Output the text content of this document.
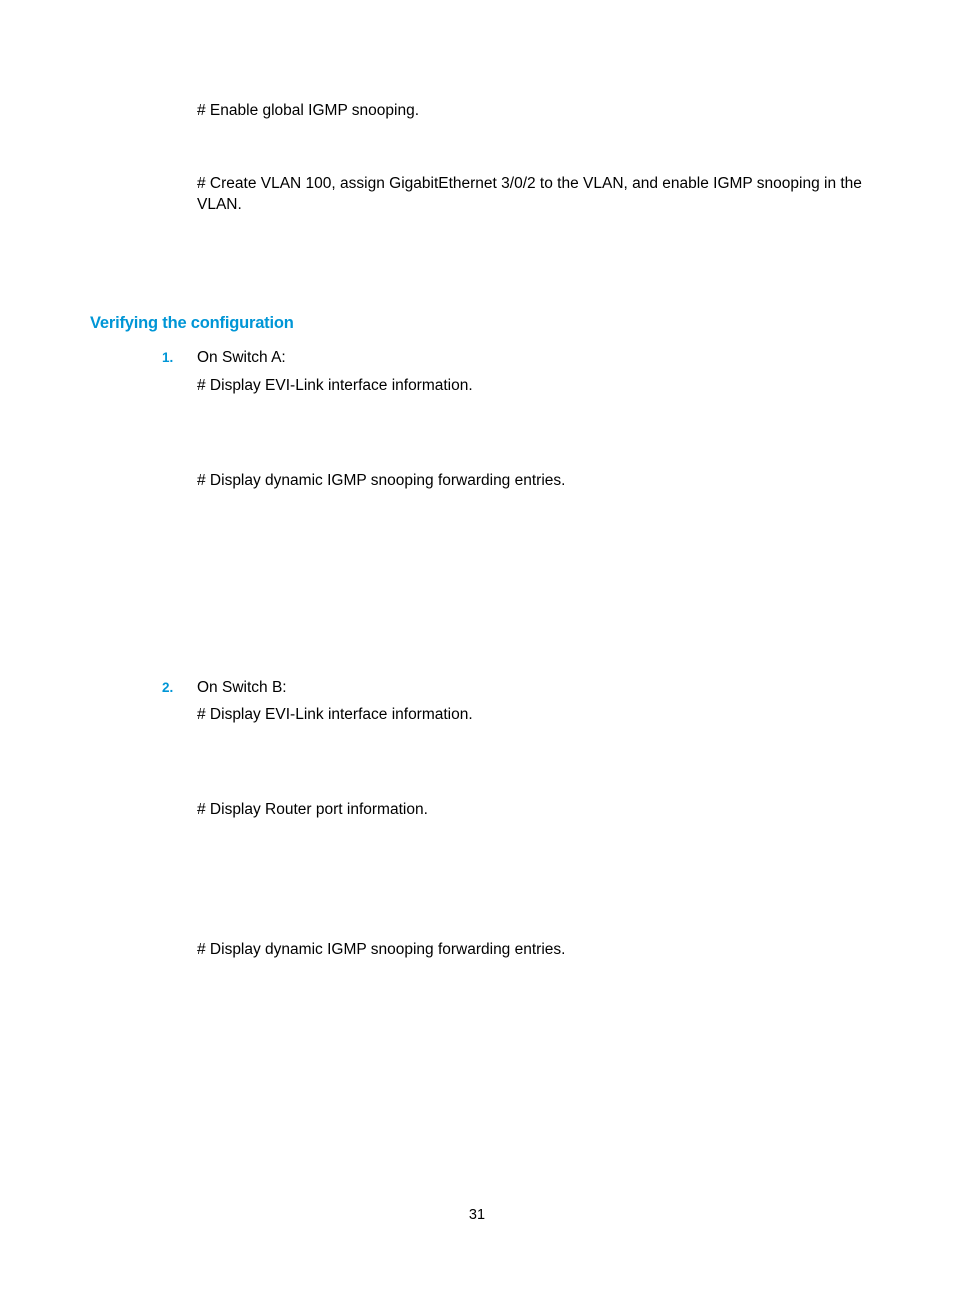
# Enable global IGMP snooping.

# Create VLAN 100, assign GigabitEthernet 3/0/2 to the VLAN, and enable IGMP snooping in the VLAN.

Verifying the configuration
1. On Switch A:

# Display EVI-Link interface information.

# Display dynamic IGMP snooping forwarding entries.

2. On Switch B:

# Display EVI-Link interface information.

# Display Router port information.

# Display dynamic IGMP snooping forwarding entries.

31
